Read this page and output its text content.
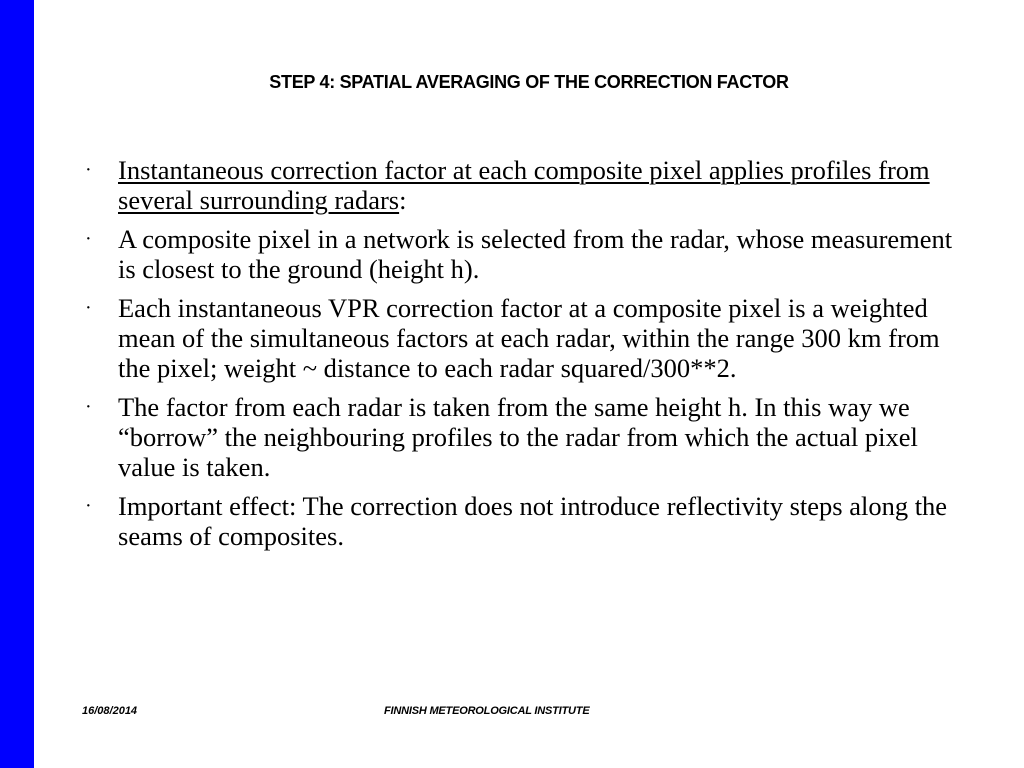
STEP 4: SPATIAL AVERAGING OF THE CORRECTION FACTOR
· Instantaneous correction factor at each composite pixel applies profiles from several surrounding radars:
· A composite pixel in a network is selected from the radar, whose measurement is closest to the ground (height h).
· Each instantaneous VPR correction factor at a composite pixel is a weighted mean of the simultaneous factors at each radar, within the range 300 km from the pixel; weight ~ distance to each radar squared/300**2.
· The factor from each radar is taken from the same height h. In this way we “borrow” the neighbouring profiles to the radar from which the actual pixel value is taken.
· Important effect: The correction does not introduce reflectivity steps along the seams of composites.
16/08/2014	FINNISH METEOROLOGICAL INSTITUTE
